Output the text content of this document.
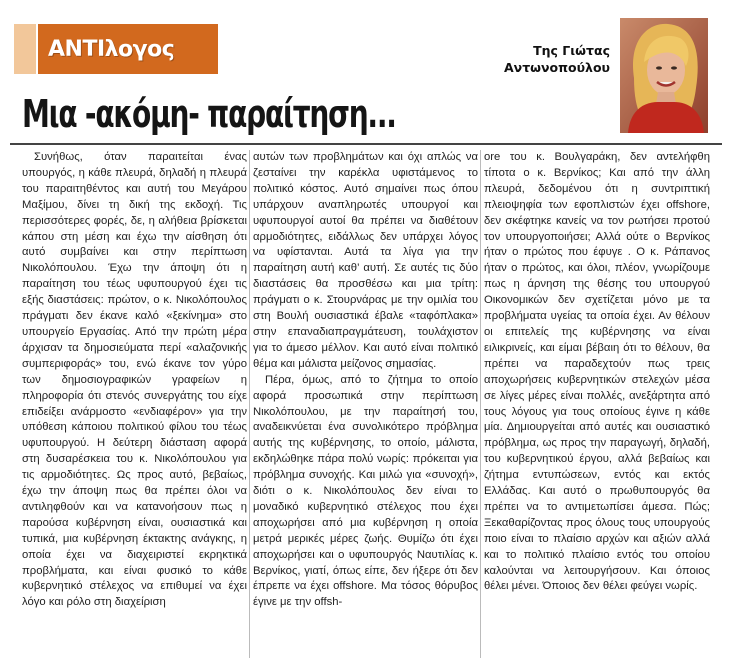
ΑΝΤΙλογος	Της Γιώτας
Αντωνοπούλου
Μια -ακόμη- παραίτηση...

Συνήθως, όταν παραιτείται ένας υπουργός, η κάθε πλευρά, δηλαδή η πλευρά του παραιτηθέντος και αυτή του Μεγάρου Μαξίμου, δίνει τη δική της εκδοχή. Τις περισσότερες φορές, δε, η αλήθεια βρίσκεται κάπου στη μέση και έχω την αίσθηση ότι αυτό συμβαίνει και στην περίπτωση Νικολόπουλου. Έχω την άποψη ότι η παραίτηση του τέως υφυπουργού έχει τις εξής διαστάσεις: πρώτον, ο κ. Νικολόπουλος πράγματι δεν έκανε καλό «ξεκίνημα» στο υπουργείο Εργασίας. Από την πρώτη μέρα άρχισαν τα δημοσιεύματα περί «αλαζονικής συμπεριφοράς» του, ενώ έκανε τον γύρο των δημοσιογραφικών γραφείων η πληροφορία ότι στενός συνεργάτης του είχε επιδείξει ανάρμοστο «ενδιαφέρον» για την υπόθεση κάποιου πολιτικού φίλου του τέως υφυπουργού. Η δεύτερη διάσταση αφορά στη δυσαρέσκεια του κ. Νικολόπουλου για τις αρμοδιότητες. Ως προς αυτό, βεβαίως, έχω την άποψη πως θα πρέπει όλοι να αντιληφθούν και να κατανοήσουν πως η παρούσα κυβέρνηση είναι, ουσιαστικά και τυπικά, μια κυβέρνηση έκτακτης ανάγκης, η οποία έχει να διαχειριστεί εκρηκτικά προβλήματα, και είναι φυσικό το κάθε κυβερνητικό στέλεχος να επιθυμεί να έχει λόγο και ρόλο στη διαχείριση

αυτών των προβλημάτων και όχι απλώς να ζεσταίνει την καρέκλα υφιστάμενος το πολιτικό κόστος. Αυτό σημαίνει πως όπου υπάρχουν αναπληρωτές υπουργοί και υφυπουργοί αυτοί θα πρέπει να διαθέτουν αρμοδιότητες, ειδάλλως δεν υπάρχει λόγος να υφίστανται. Αυτά τα λίγα για την παραίτηση αυτή καθ’ αυτή. Σε αυτές τις δύο διαστάσεις θα προσθέσω και μια τρίτη: πράγματι ο κ. Στουρνάρας με την ομιλία του στη Βουλή ουσιαστικά έβαλε «ταφόπλακα» στην επαναδιαπραγμάτευση, τουλάχιστον για το άμεσο μέλλον. Και αυτό είναι πολιτικό θέμα και μάλιστα μείζονος σημασίας.

Πέρα, όμως, από το ζήτημα το οποίο αφορά προσωπικά στην περίπτωση Νικολόπουλου, με την παραίτησή του, αναδεικνύεται ένα συνολικότερο πρόβλημα αυτής της κυβέρνησης, το οποίο, μάλιστα, εκδηλώθηκε πάρα πολύ νωρίς: πρόκειται για πρόβλημα συνοχής. Και μιλώ για «συνοχή», διότι ο κ. Νικολόπουλος δεν είναι το μοναδικό κυβερνητικό στέλεχος που έχει αποχωρήσει από μια κυβέρνηση η οποία μετρά μερικές μέρες ζωής. Θυμίζω ότι έχει αποχωρήσει και ο υφυπουργός Ναυτιλίας κ. Βερνίκος, γιατί, όπως είπε, δεν ήξερε ότι δεν έπρεπε να έχει offshore. Μα τόσος θόρυβος έγινε με την offsh-

ore του κ. Βουλγαράκη, δεν αντελήφθη τίποτα ο κ. Βερνίκος; Και από την άλλη πλευρά, δεδομένου ότι η συντριπτική πλειοψηφία των εφοπλιστών έχει offshore, δεν σκέφτηκε κανείς να τον ρωτήσει προτού τον υπουργοποιήσει; Αλλά ούτε ο Βερνίκος ήταν ο πρώτος που έφυγε . Ο κ. Ράπανος ήταν ο πρώτος, και όλοι, πλέον, γνωρίζουμε πως η άρνηση της θέσης του υπουργού Οικονομικών δεν σχετίζεται μόνο με τα προβλήματα υγείας τα οποία έχει. Αν θέλουν οι επιτελείς της κυβέρνησης να είναι ειλικρινείς, και είμαι βέβαιη ότι το θέλουν, θα πρέπει να παραδεχτούν πως τρεις αποχωρήσεις κυβερνητικών στελεχών μέσα σε λίγες μέρες είναι πολλές, ανεξάρτητα από τους λόγους για τους οποίους έγινε η κάθε μία. Δημιουργείται από αυτές και ουσιαστικό πρόβλημα, ως προς την παραγωγή, δηλαδή, του κυβερνητικού έργου, αλλά βεβαίως και ζήτημα εντυπώσεων, εντός και εκτός Ελλάδας. Και αυτό ο πρωθυπουργός θα πρέπει να το αντιμετωπίσει άμεσα. Πώς; Ξεκαθαρίζοντας προς όλους τους υπουργούς ποιο είναι το πλαίσιο αρχών και αξιών αλλά και το πολιτικό πλαίσιο εντός του οποίου καλούνται να λειτουργήσουν. Και όποιος θέλει μένει. Όποιος δεν θέλει φεύγει νωρίς.
